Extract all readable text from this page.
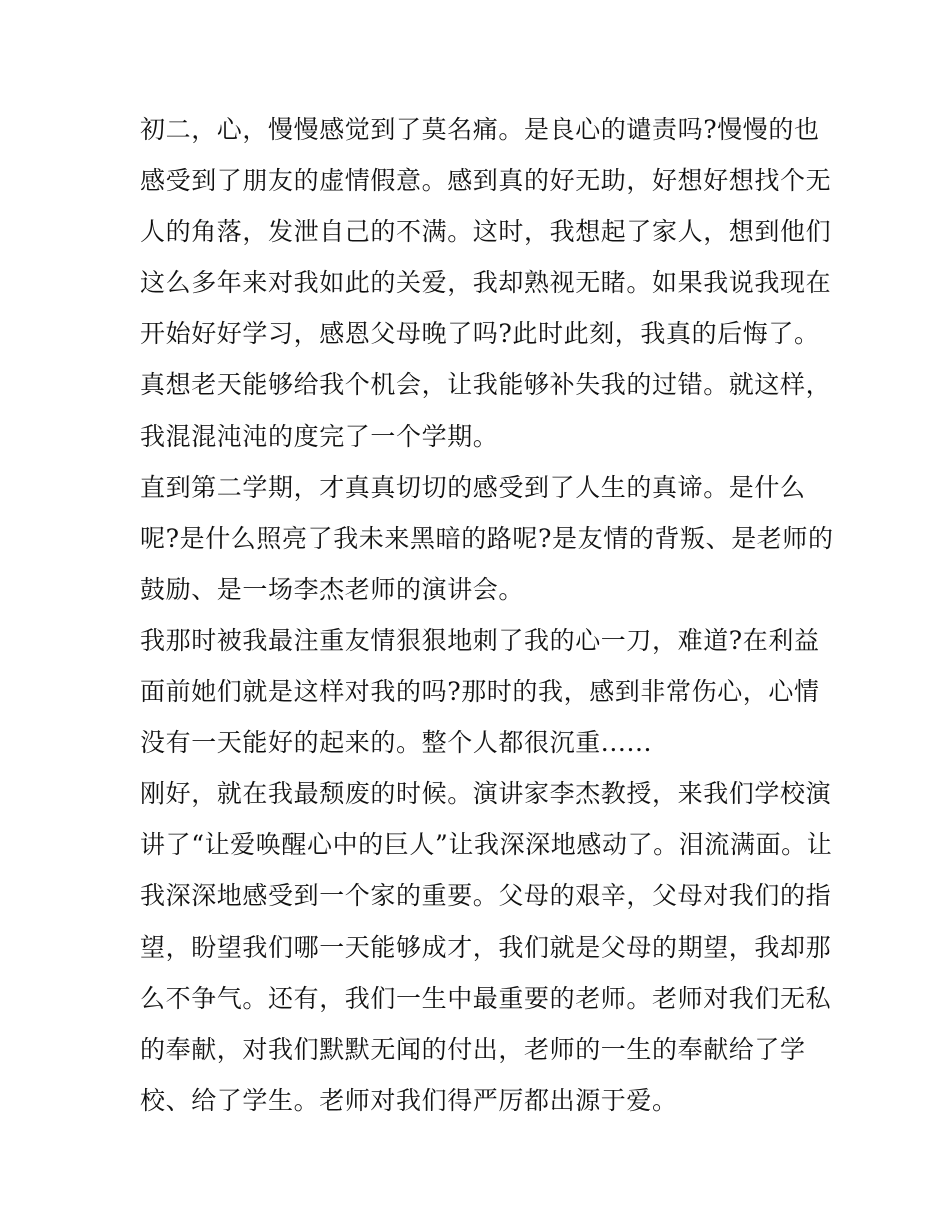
初二，心，慢慢感觉到了莫名痛。是良心的谴责吗?慢慢的也
感受到了朋友的虚情假意。感到真的好无助，好想好想找个无
人的角落，发泄自己的不满。这时，我想起了家人，想到他们
这么多年来对我如此的关爱，我却熟视无睹。如果我说我现在
开始好好学习，感恩父母晚了吗?此时此刻，我真的后悔了。
真想老天能够给我个机会，让我能够补失我的过错。就这样，
我混混沌沌的度完了一个学期。
直到第二学期，才真真切切的感受到了人生的真谛。是什么
呢?是什么照亮了我未来黑暗的路呢?是友情的背叛、是老师的
鼓励、是一场李杰老师的演讲会。
我那时被我最注重友情狠狠地刺了我的心一刀，难道?在利益
面前她们就是这样对我的吗?那时的我，感到非常伤心，心情
没有一天能好的起来的。整个人都很沉重......
刚好，就在我最颓废的时候。演讲家李杰教授，来我们学校演
讲了“让爱唤醒心中的巨人”让我深深地感动了。泪流满面。让
我深深地感受到一个家的重要。父母的艰辛，父母对我们的指
望，盼望我们哪一天能够成才，我们就是父母的期望，我却那
么不争气。还有，我们一生中最重要的老师。老师对我们无私
的奉献，对我们默默无闻的付出，老师的一生的奉献给了学
校、给了学生。老师对我们得严厉都出源于爱。
